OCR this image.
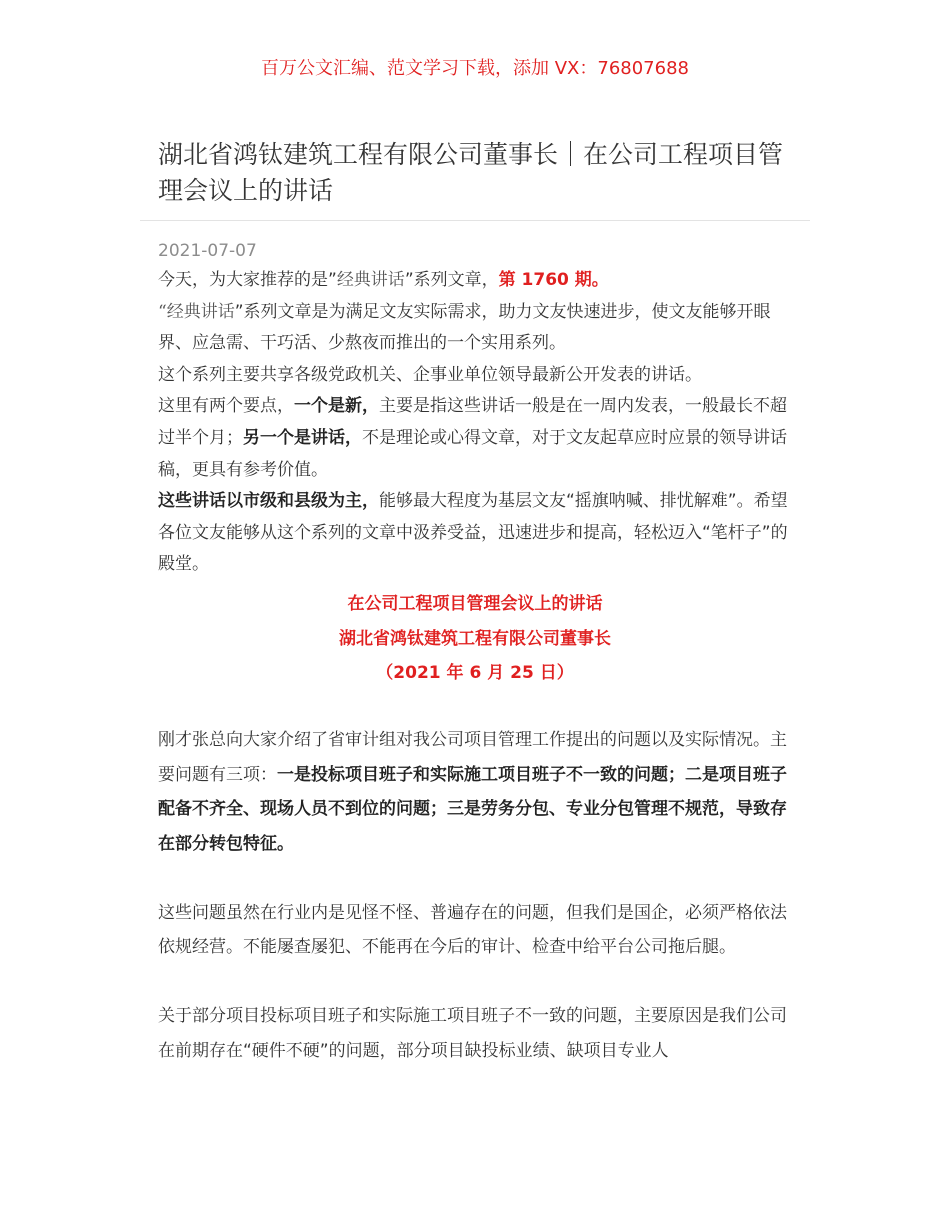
百万公文汇编、范文学习下载，添加 VX：76807688
湖北省鸿钛建筑工程有限公司董事长｜在公司工程项目管理会议上的讲话
2021-07-07

今天，为大家推荐的是”经典讲话”系列文章，第 1760 期。

“经典讲话”系列文章是为满足文友实际需求，助力文友快速进步，使文友能够开眼界、应急需、干巧活、少熬夜而推出的一个实用系列。

这个系列主要共享各级党政机关、企事业单位领导最新公开发表的讲话。

这里有两个要点，一个是新，主要是指这些讲话一般是在一周内发表，一般最长不超过半个月；另一个是讲话，不是理论或心得文章，对于文友起草应时应景的领导讲话稿，更具有参考价值。

这些讲话以市级和县级为主，能够最大程度为基层文友“摇旗呐喊、排忧解难”。希望各位文友能够从这个系列的文章中汲养受益，迅速进步和提高，轻松迈入“笔杆子”的殿堂。

在公司工程项目管理会议上的讲话
湖北省鸿钛建筑工程有限公司董事长
（2021 年 6 月 25 日）

刚才张总向大家介绍了省审计组对我公司项目管理工作提出的问题以及实际情况。主要问题有三项：一是投标项目班子和实际施工项目班子不一致的问题；二是项目班子配备不齐全、现场人员不到位的问题；三是劳务分包、专业分包管理不规范，导致存在部分转包特征。

这些问题虽然在行业内是见怪不怪、普遍存在的问题，但我们是国企，必须严格依法依规经营。不能屡查屡犯、不能再在今后的审计、检查中给平台公司拖后腿。

关于部分项目投标项目班子和实际施工项目班子不一致的问题，主要原因是我们公司在前期存在“硬件不硬”的问题，部分项目缺投标业绩、缺项目专业人
